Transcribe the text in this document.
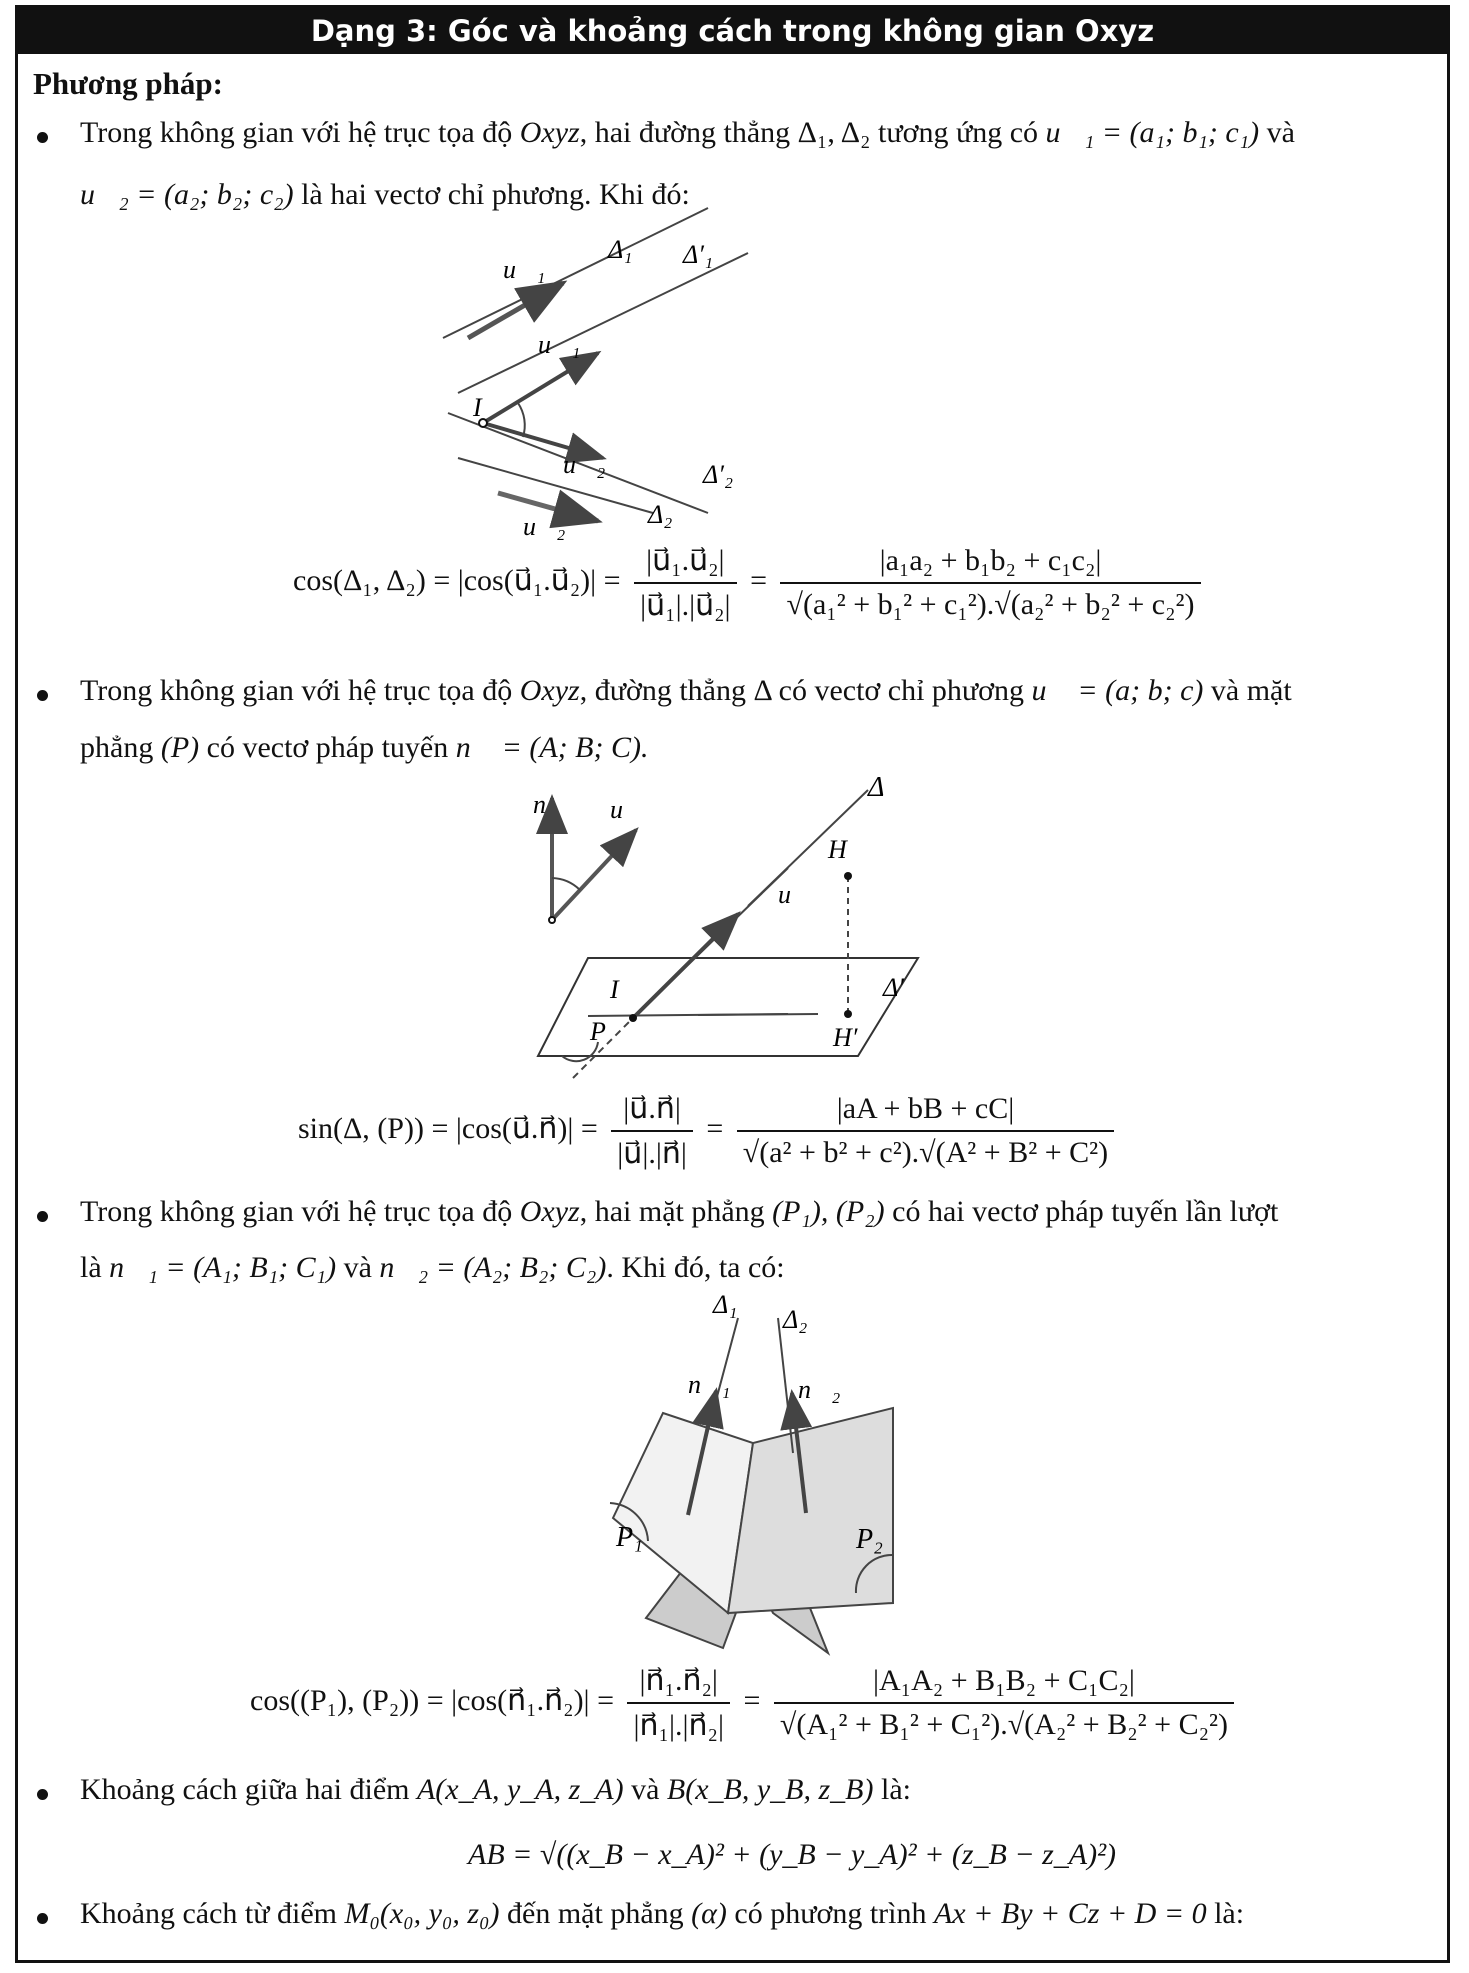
Dạng 3: Góc và khoảng cách trong không gian Oxyz
Phương pháp:
Trong không gian với hệ trục tọa độ Oxyz, hai đường thẳng Δ₁, Δ₂ tương ứng có u⃗₁ = (a₁; b₁; c₁) và
u⃗₂ = (a₂; b₂; c₂) là hai vectơ chỉ phương. Khi đó:
Δ₁ Δ′₁
u⃗₁
u⃗₁
I
u⃗₂	Δ′₂
Δ₂
u⃗₂
cos(Δ₁, Δ₂) = |cos(u⃗₁.u⃗₂)| = $\frac{\text{|u⃗₁.u⃗₂|}}{\text{|u⃗₁|.|u⃗₂|}} = \frac{\text{|a₁a₂ + b₁b₂ + c₁c₂|}}{\text{√(a₁² + b₁² + c₁²).√(a₂² + b₂² + c₂²)}}$
Trong không gian với hệ trục tọa độ Oxyz, đường thẳng Δ có vectơ chỉ phương u⃗ = (a; b; c) và mặt
phẳng (P) có vectơ pháp tuyến n⃗ = (A; B; C).
n⃗ u⃗
Δ
H
u⃗
I	Δ′
H′
P
sin(Δ, (P)) = |cos(u⃗.n⃗)| = $\frac{|u⃗.n⃗|}{|u⃗|.|n⃗|} = \frac{|aA + bB + cC|}{\text{√(a² + b² + c²).√(A² + B² + C²)}}$
Trong không gian với hệ trục tọa độ Oxyz, hai mặt phẳng (P₁), (P₂) có hai vectơ pháp tuyến lần lượt
là n⃗₁ = (A₁; B₁; C₁) và n⃗₂ = (A₂; B₂; C₂). Khi đó, ta có:
Δ₁
Δ₂
n⃗₁	n⃗₂
P₁	P₂
cos((P₁), (P₂)) = |cos(n⃗₁.n⃗₂)| = $\frac{\text{|n⃗₁.n⃗₂|}}{\text{|n⃗₁|.|n⃗₂|}} = \frac{\text{|A₁A₂ + B₁B₂ + C₁C₂|}}{\text{√(A₁² + B₁² + C₁²).√(A₂² + B₂² + C₂²)}}$
Khoảng cách giữa hai điểm A(x_A, y_A, z_A) và B(x_B, y_B, z_B) là:
AB = √((x_B − x_A)² + (y_B − y_A)² + (z_B − z_A)²)
Khoảng cách từ điểm M₀(x₀, y₀, z₀) đến mặt phẳng (α) có phương trình Ax + By + Cz + D = 0 là:
